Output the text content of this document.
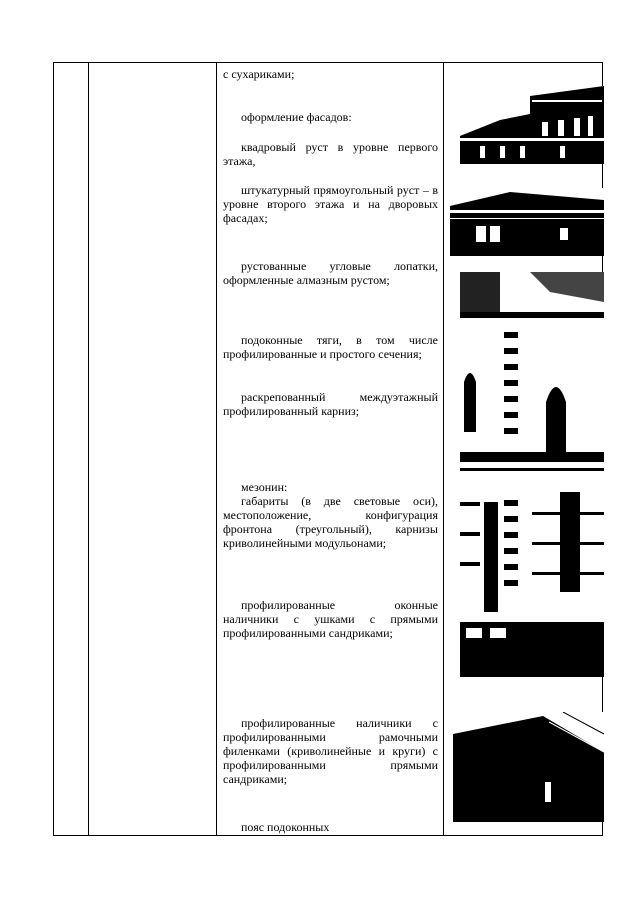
с сухариками;
оформление фасадов:
квадровый руст в уровне первого этажа,
штукатурный прямоугольный руст – в уровне второго этажа и на дворовых фасадах;
рустованные угловые лопатки, оформленные алмазным рустом;
подоконные тяги, в том числе профилированные и простого сечения;
раскрепованный междуэтажный профилированный карниз;
мезонин:
габариты (в две световые оси), местоположение, конфигурация фронтона (треугольный), карнизы криволинейными модульонами;
профилированные оконные наличники с ушками с прямыми профилированными сандриками;
профилированные наличники с профилированными рамочными филенками (криволинейные и круги) с профилированными прямыми сандриками;
пояс подоконных
